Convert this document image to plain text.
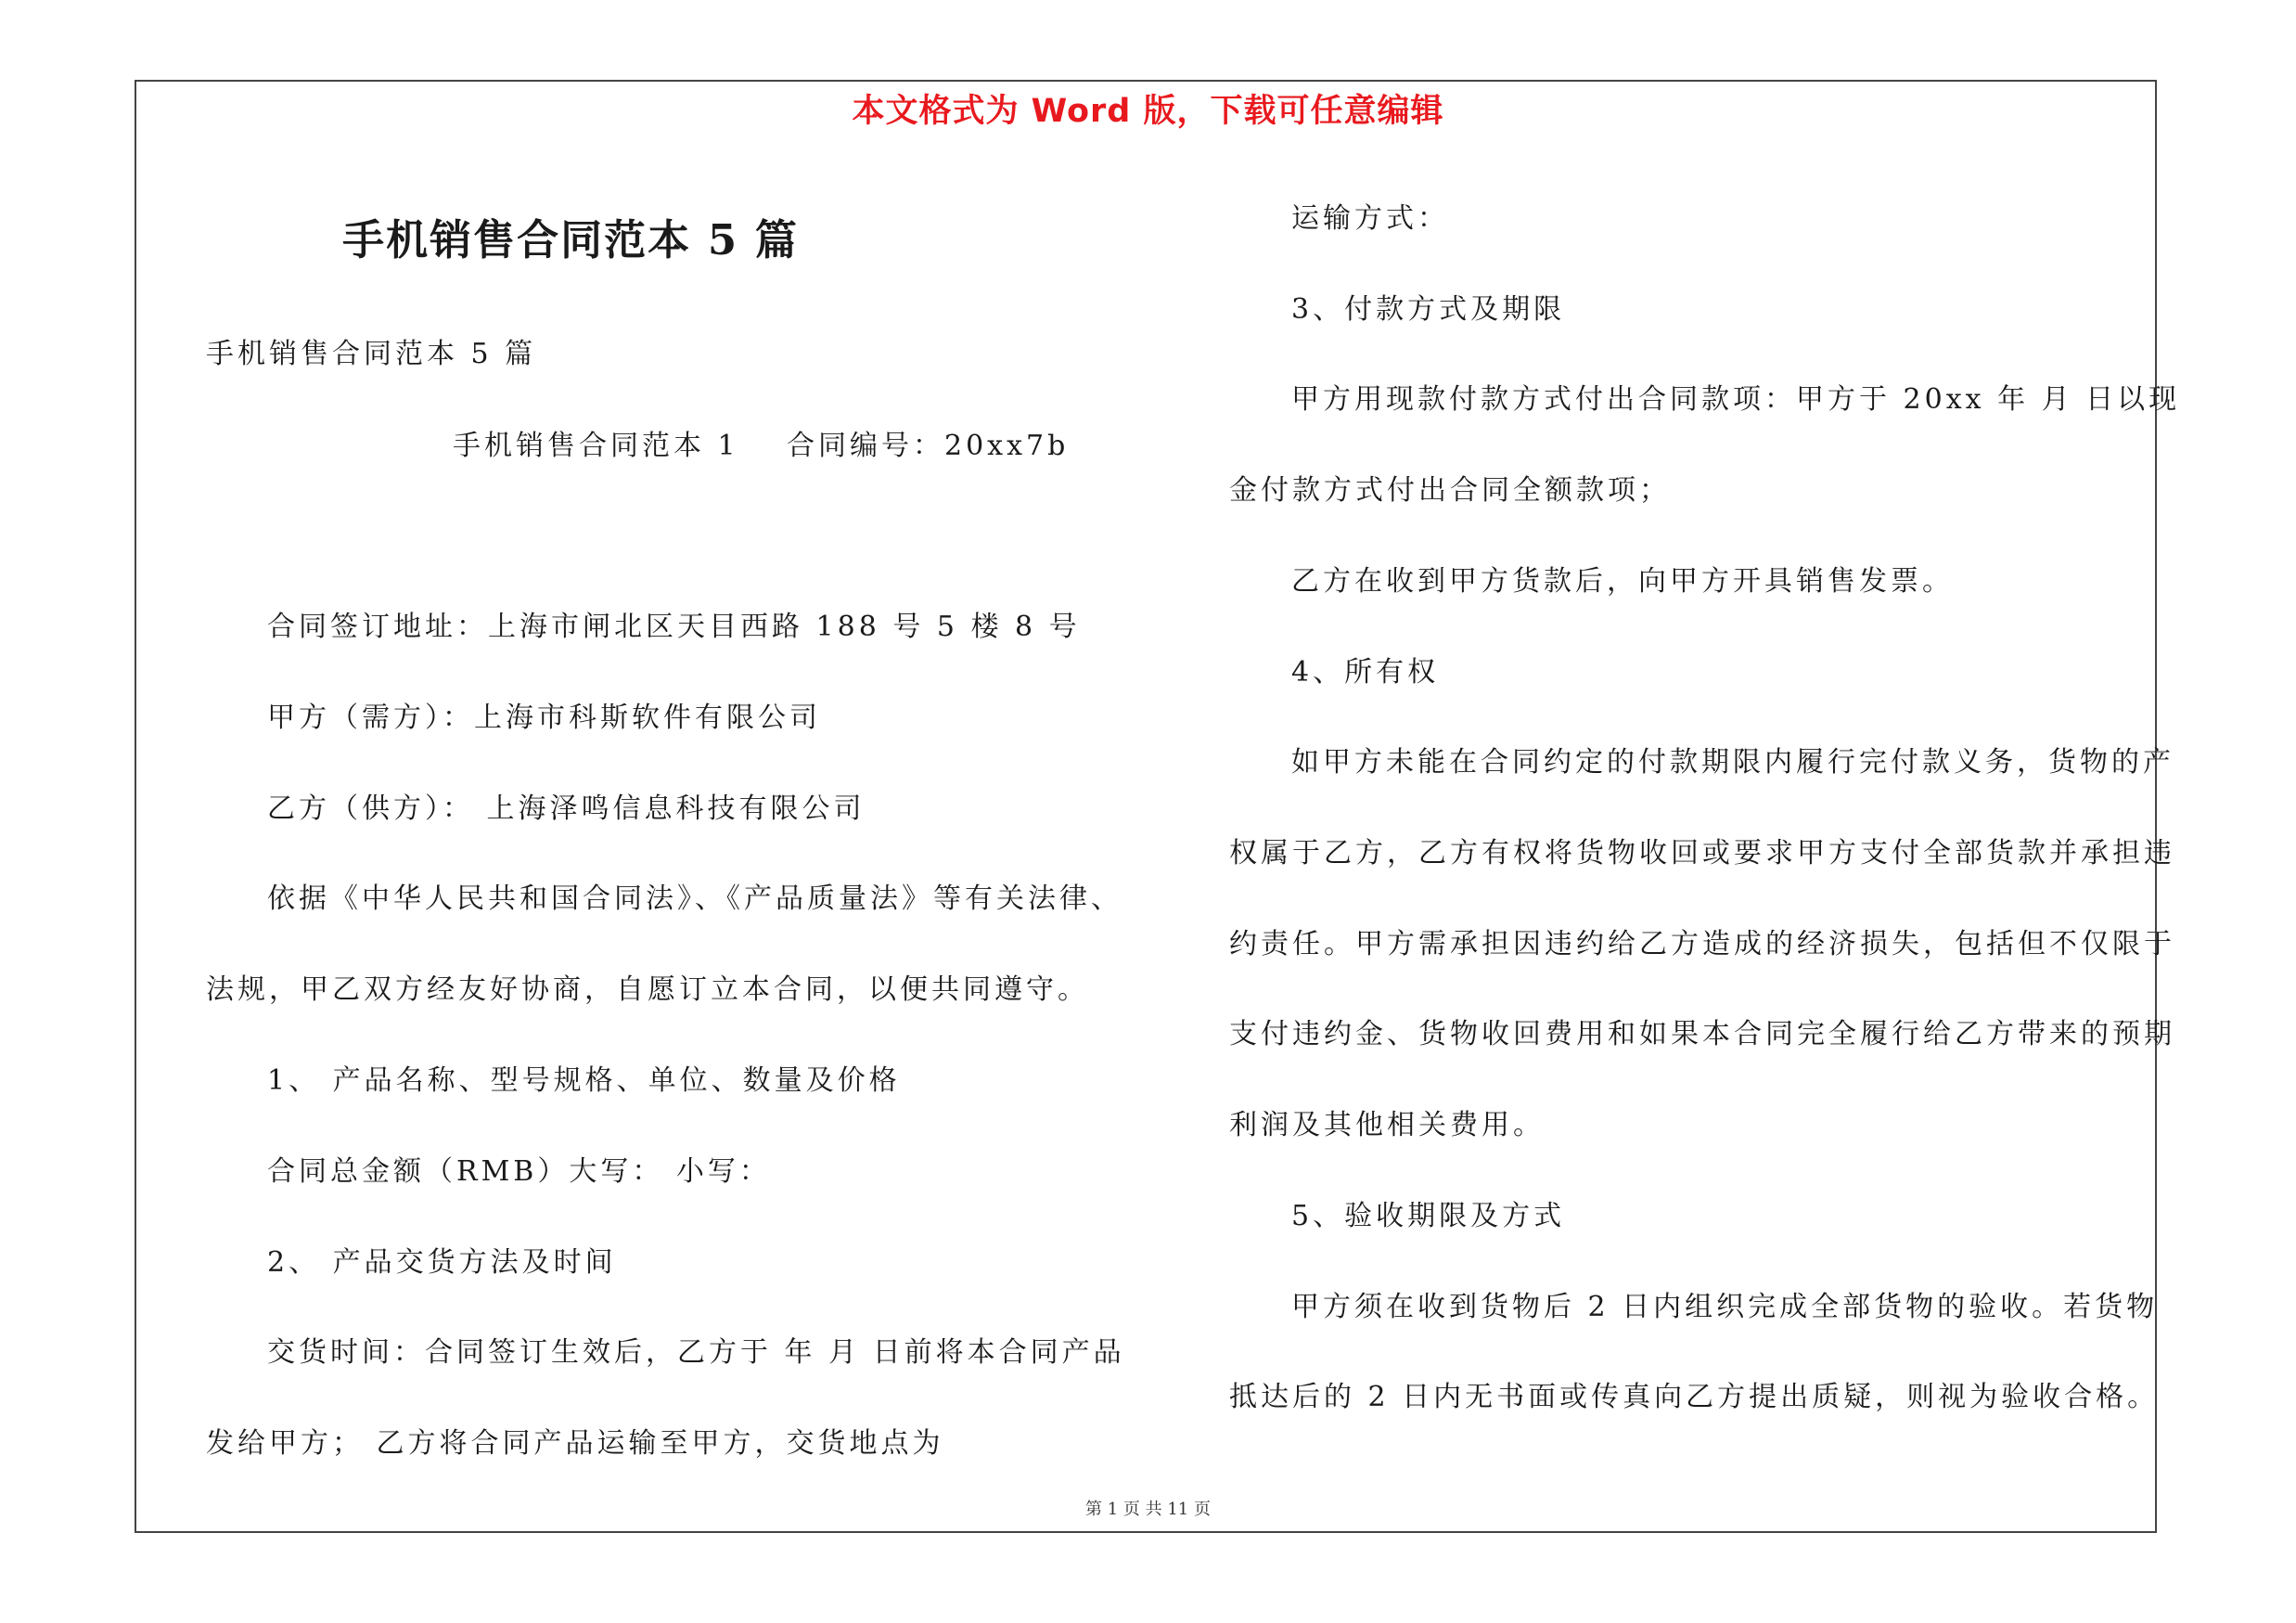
本文格式为 Word 版，下载可任意编辑
手机销售合同范本 5 篇
手机销售合同范本 5 篇
手机销售合同范本 1 合同编号：20xx7b
合同签订地址：上海市闸北区天目西路 188 号 5 楼 8 号
甲方（需方）：上海市科斯软件有限公司
乙方（供方）： 上海泽鸣信息科技有限公司
依据《中华人民共和国合同法》、《产品质量法》等有关法律、
法规，甲乙双方经友好协商，自愿订立本合同，以便共同遵守。
1、 产品名称、型号规格、单位、数量及价格
合同总金额（RMB）大写： 小写：
2、 产品交货方法及时间
交货时间：合同签订生效后，乙方于 年 月 日前将本合同产品
发给甲方； 乙方将合同产品运输至甲方，交货地点为
运输方式：
3、付款方式及期限
甲方用现款付款方式付出合同款项：甲方于 20xx 年 月 日以现
金付款方式付出合同全额款项；
乙方在收到甲方货款后，向甲方开具销售发票。
4、所有权
如甲方未能在合同约定的付款期限内履行完付款义务，货物的产
权属于乙方，乙方有权将货物收回或要求甲方支付全部货款并承担违
约责任。甲方需承担因违约给乙方造成的经济损失，包括但不仅限于
支付违约金、货物收回费用和如果本合同完全履行给乙方带来的预期
利润及其他相关费用。
5、验收期限及方式
甲方须在收到货物后 2 日内组织完成全部货物的验收。若货物
抵达后的 2 日内无书面或传真向乙方提出质疑，则视为验收合格。
第 1 页 共 11 页
